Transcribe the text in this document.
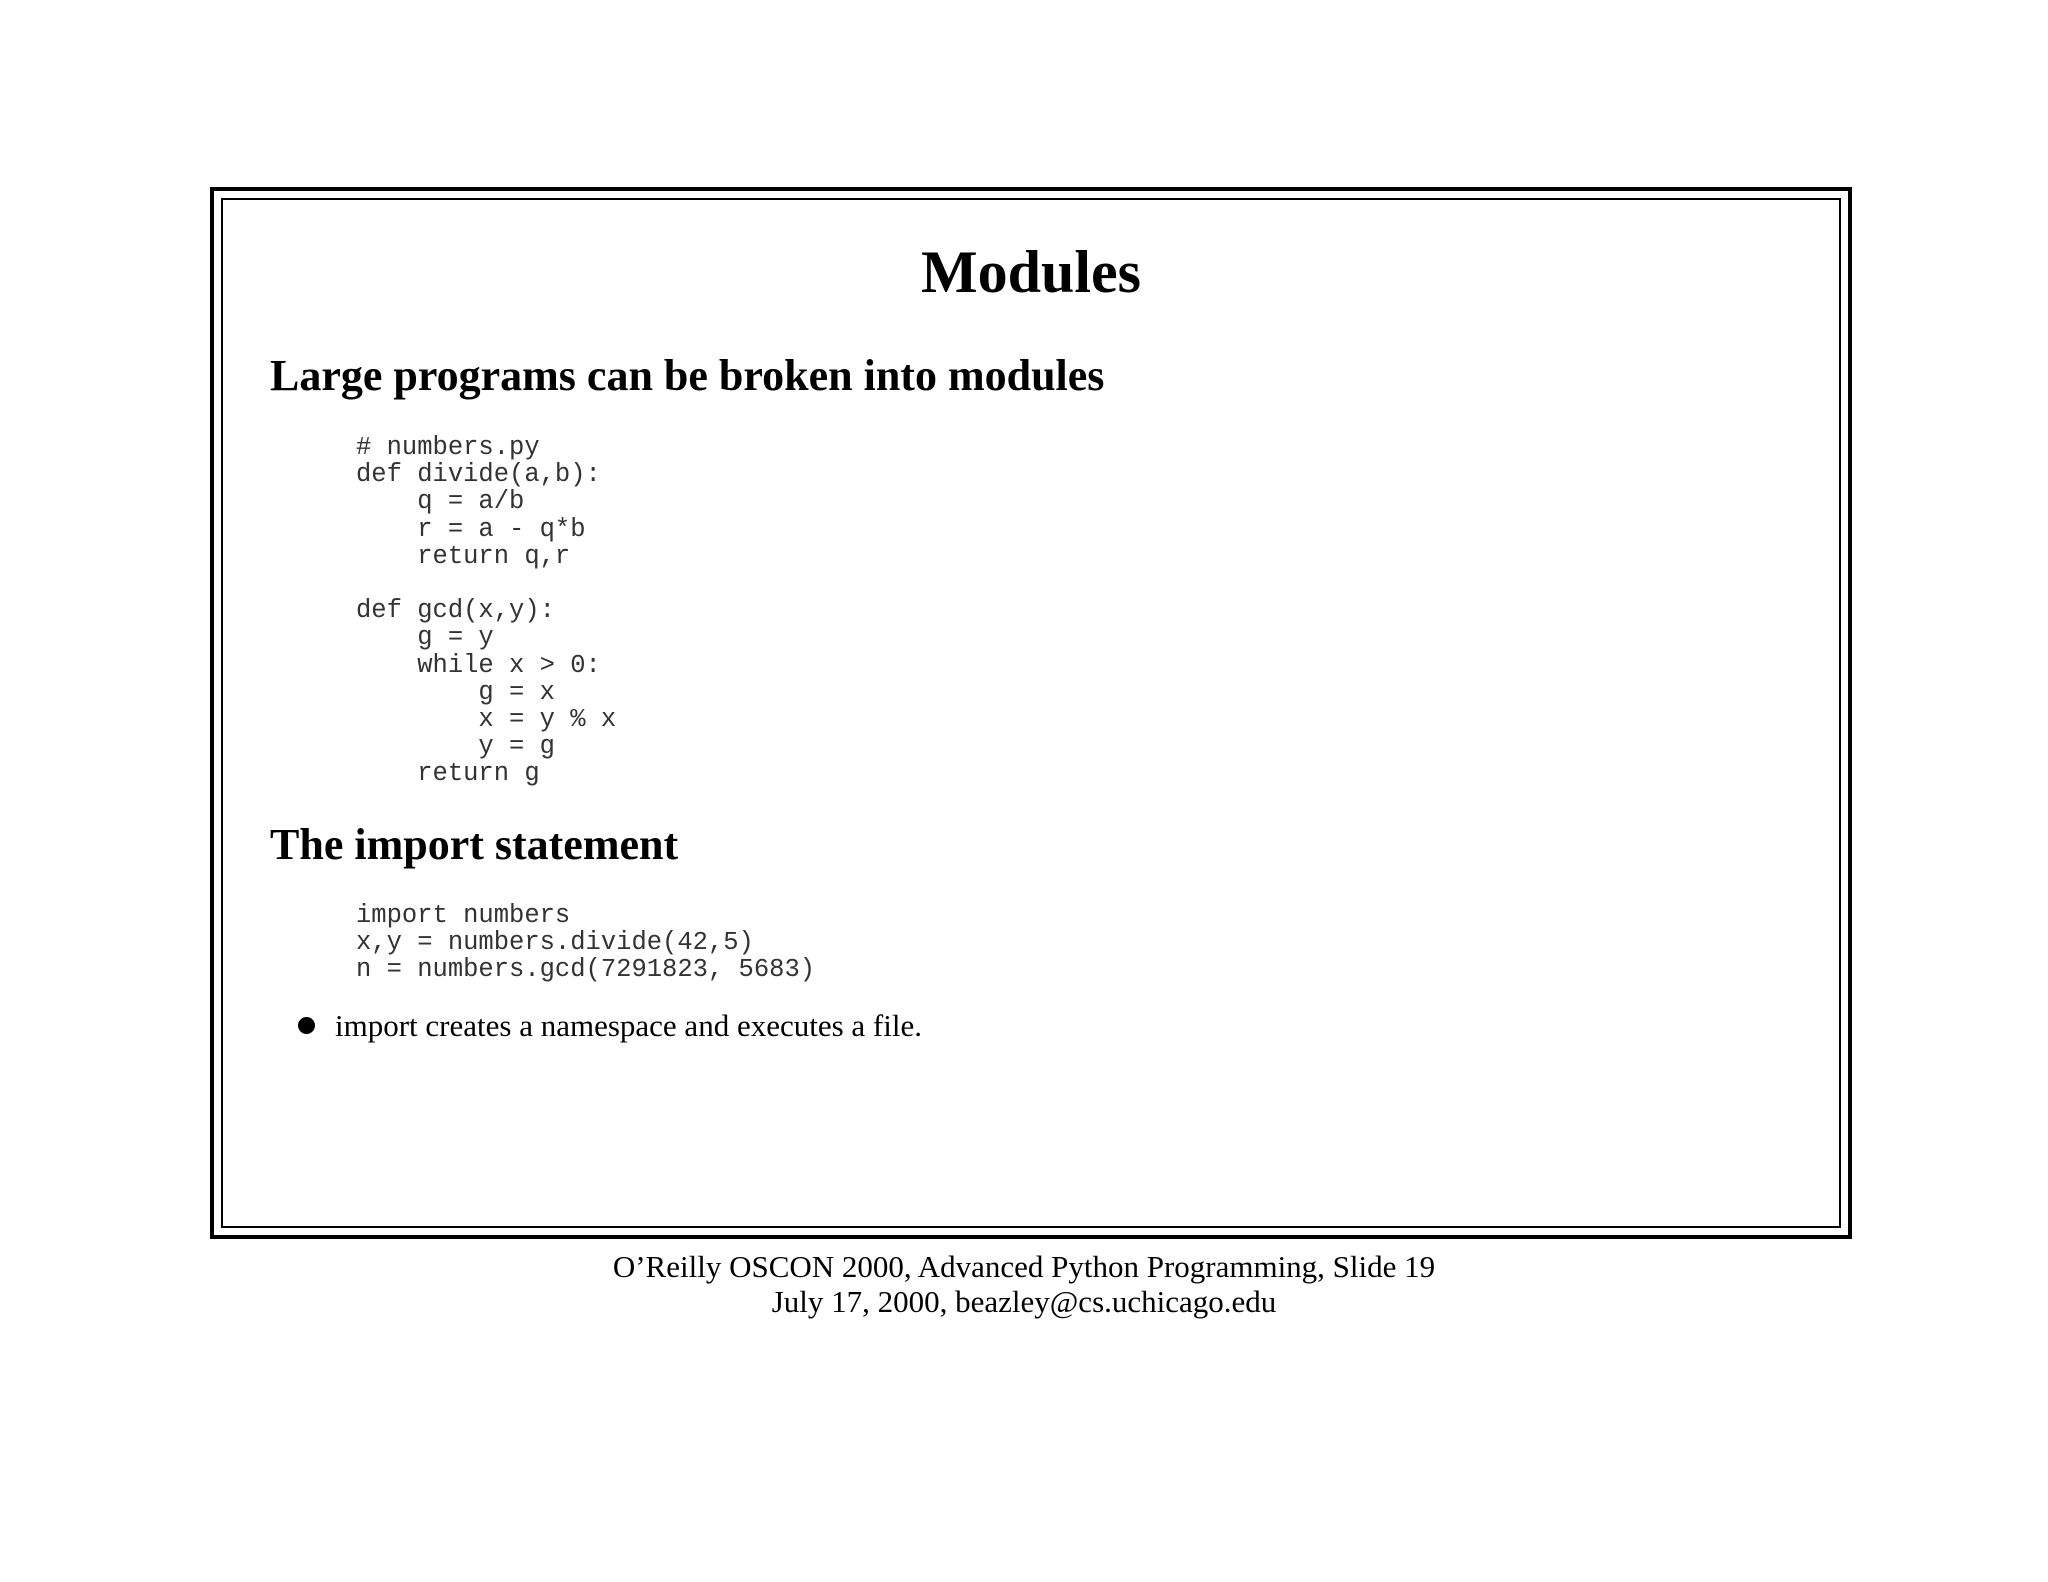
Modules
Large programs can be broken into modules
# numbers.py
def divide(a,b):
q = a/b
r = a - q*b
return q,r

def gcd(x,y):
g = y
while x > 0:
g = x
x = y % x
y = g
return g
The import statement
import numbers
x,y = numbers.divide(42,5)
n = numbers.gcd(7291823, 5683)
import creates a namespace and executes a file.
O’Reilly OSCON 2000, Advanced Python Programming, Slide 19
July 17, 2000, beazley@cs.uchicago.edu
